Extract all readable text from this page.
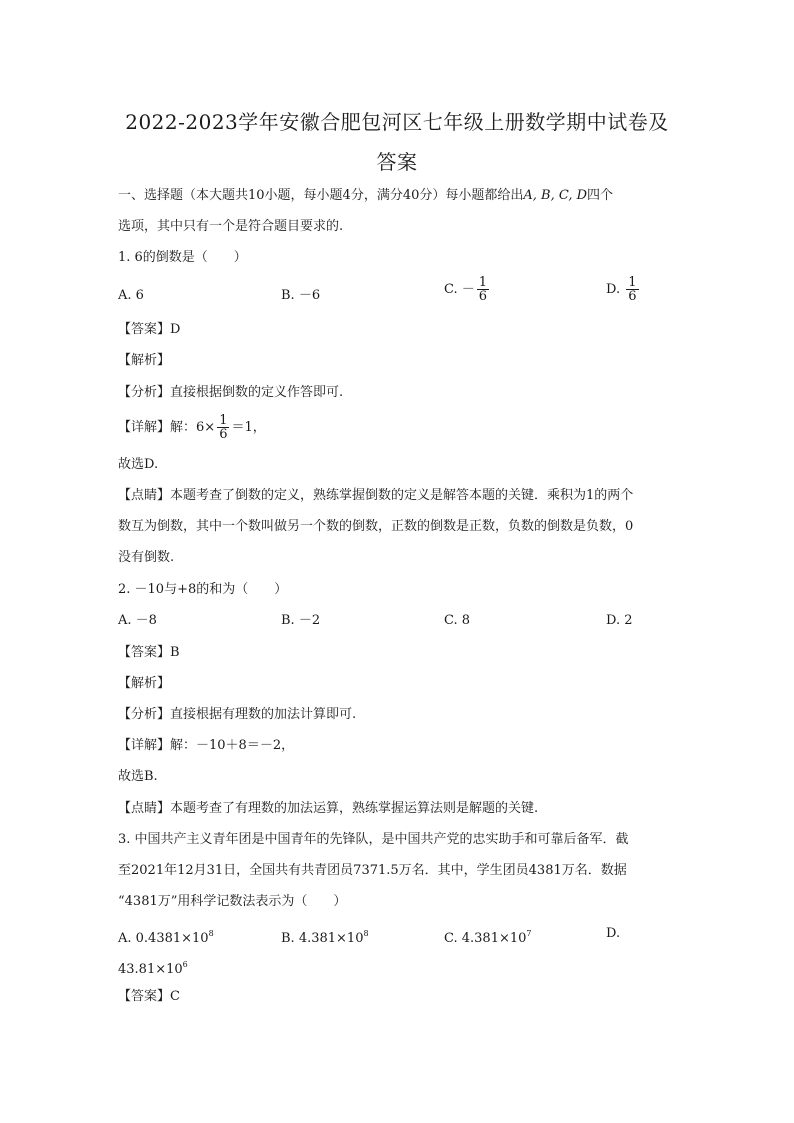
2022-2023学年安徽合肥包河区七年级上册数学期中试卷及
答案
一、选择题（本大题共10小题，每小题4分，满分40分）每小题都给出A, B, C, D四个
选项，其中只有一个是符合题目要求的.
1. 6的倒数是（　　）
A. 6	B. －6	C. － $\frac{1}{6}$	D. $\frac{1}{6}$
【答案】D
【解析】
【分析】直接根据倒数的定义作答即可.
【详解】解：$6\times \frac{1}{6} =1$，
故选D.
【点睛】本题考查了倒数的定义，熟练掌握倒数的定义是解答本题的关键．乘积为1的两个
数互为倒数，其中一个数叫做另一个数的倒数，正数的倒数是正数，负数的倒数是负数，0
没有倒数.
2. －10与+8的和为（　　）
A. －8	B. －2	C. 8	D. 2
【答案】B
【解析】
【分析】直接根据有理数的加法计算即可.
【详解】解：－10＋8＝－2，
故选B.
【点睛】本题考查了有理数的加法运算，熟练掌握运算法则是解题的关键.
3. 中国共产主义青年团是中国青年的先锋队，是中国共产党的忠实助手和可靠后备军．截
至2021年12月31日，全国共有共青团员7371.5万名．其中，学生团员4381万名．数据
“4381万”用科学记数法表示为（　　）
A. $0.4381\times 10^8$	B. $4.381\times 10^8$	C. $4.381\times 10^7$	D.
$43.81\times 10^6$
【答案】C
